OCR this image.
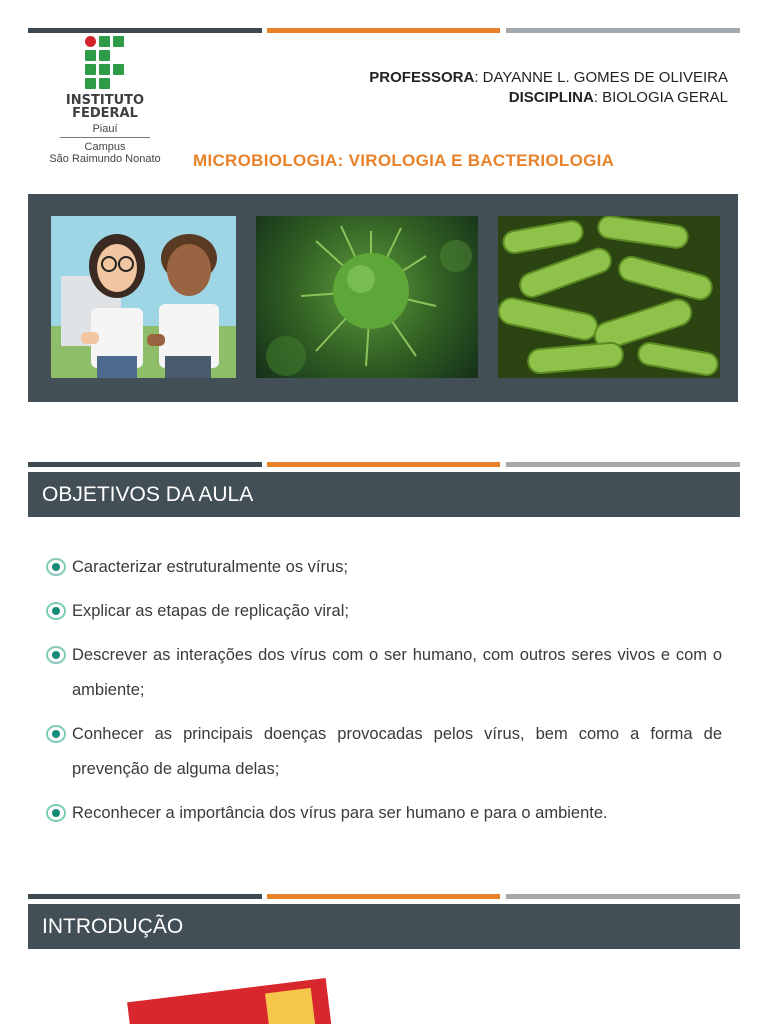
INSTITUTO
FEDERAL
Piauí
Campus
São Raimundo Nonato
PROFESSORA: DAYANNE L. GOMES DE OLIVEIRA
DISCIPLINA: BIOLOGIA GERAL
MICROBIOLOGIA: VIROLOGIA E BACTERIOLOGIA
OBJETIVOS DA AULA
Caracterizar estruturalmente os vírus;
Explicar as etapas de replicação viral;
Descrever as interações dos vírus com o ser humano, com outros seres vivos e com o ambiente;
Conhecer as principais doenças provocadas pelos vírus, bem como a forma de prevenção de alguma delas;
Reconhecer a importância dos vírus para ser humano e para o ambiente.
INTRODUÇÃO
